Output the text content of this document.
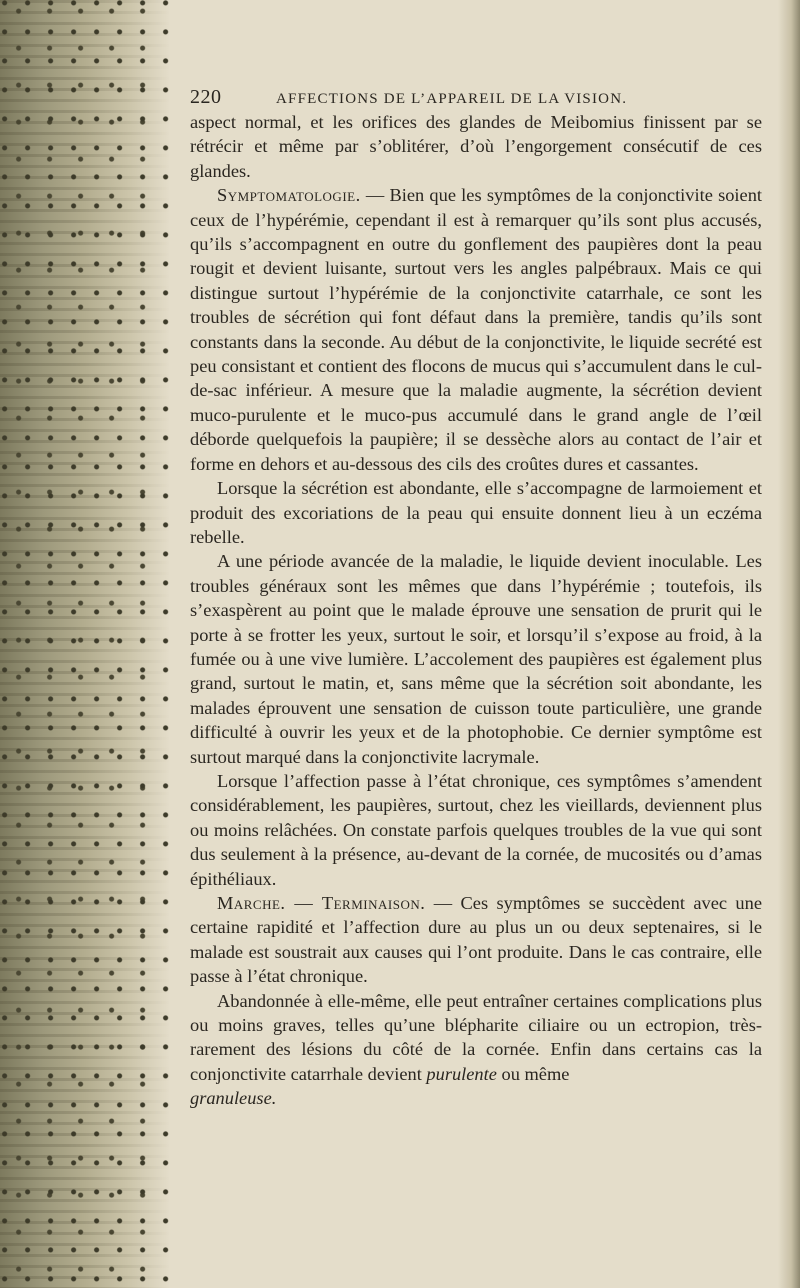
220	AFFECTIONS DE L’APPAREIL DE LA VISION.

aspect normal, et les orifices des glandes de Meibomius finissent par se rétrécir et même par s’oblitérer, d’où l’engorgement consécutif de ces glandes.

Symptomatologie. — Bien que les symptômes de la conjonctivite soient ceux de l’hypérémie, cependant il est à remarquer qu’ils sont plus accusés, qu’ils s’accompagnent en outre du gonflement des paupières dont la peau rougit et devient luisante, surtout vers les angles palpébraux. Mais ce qui distingue surtout l’hypérémie de la conjonctivite catarrhale, ce sont les troubles de sécrétion qui font défaut dans la première, tandis qu’ils sont constants dans la seconde. Au début de la conjonctivite, le liquide secrété est peu consistant et contient des flocons de mucus qui s’accumulent dans le cul-de-sac inférieur. A mesure que la maladie augmente, la sécrétion devient muco-purulente et le muco-pus accumulé dans le grand angle de l’œil déborde quelquefois la paupière; il se dessèche alors au contact de l’air et forme en dehors et au-dessous des cils des croûtes dures et cassantes.

Lorsque la sécrétion est abondante, elle s’accompagne de larmoiement et produit des excoriations de la peau qui ensuite donnent lieu à un eczéma rebelle.

A une période avancée de la maladie, le liquide devient inoculable. Les troubles généraux sont les mêmes que dans l’hypérémie ; toutefois, ils s’exaspèrent au point que le malade éprouve une sensation de prurit qui le porte à se frotter les yeux, surtout le soir, et lorsqu’il s’expose au froid, à la fumée ou à une vive lumière. L’accolement des paupières est également plus grand, surtout le matin, et, sans même que la sécrétion soit abondante, les malades éprouvent une sensation de cuisson toute particulière, une grande difficulté à ouvrir les yeux et de la photophobie. Ce dernier symptôme est surtout marqué dans la conjonctivite lacrymale.

Lorsque l’affection passe à l’état chronique, ces symptômes s’amendent considérablement, les paupières, surtout, chez les vieillards, deviennent plus ou moins relâchées. On constate parfois quelques troubles de la vue qui sont dus seulement à la présence, au-devant de la cornée, de mucosités ou d’amas épithéliaux.

Marche. — Terminaison. — Ces symptômes se succèdent avec une certaine rapidité et l’affection dure au plus un ou deux septenaires, si le malade est soustrait aux causes qui l’ont produite. Dans le cas contraire, elle passe à l’état chronique.

Abandonnée à elle-même, elle peut entraîner certaines complications plus ou moins graves, telles qu’une blépharite ciliaire ou un ectropion, très-rarement des lésions du côté de la cornée. Enfin dans certains cas la conjonctivite catarrhale devient purulente ou même
granuleuse.
